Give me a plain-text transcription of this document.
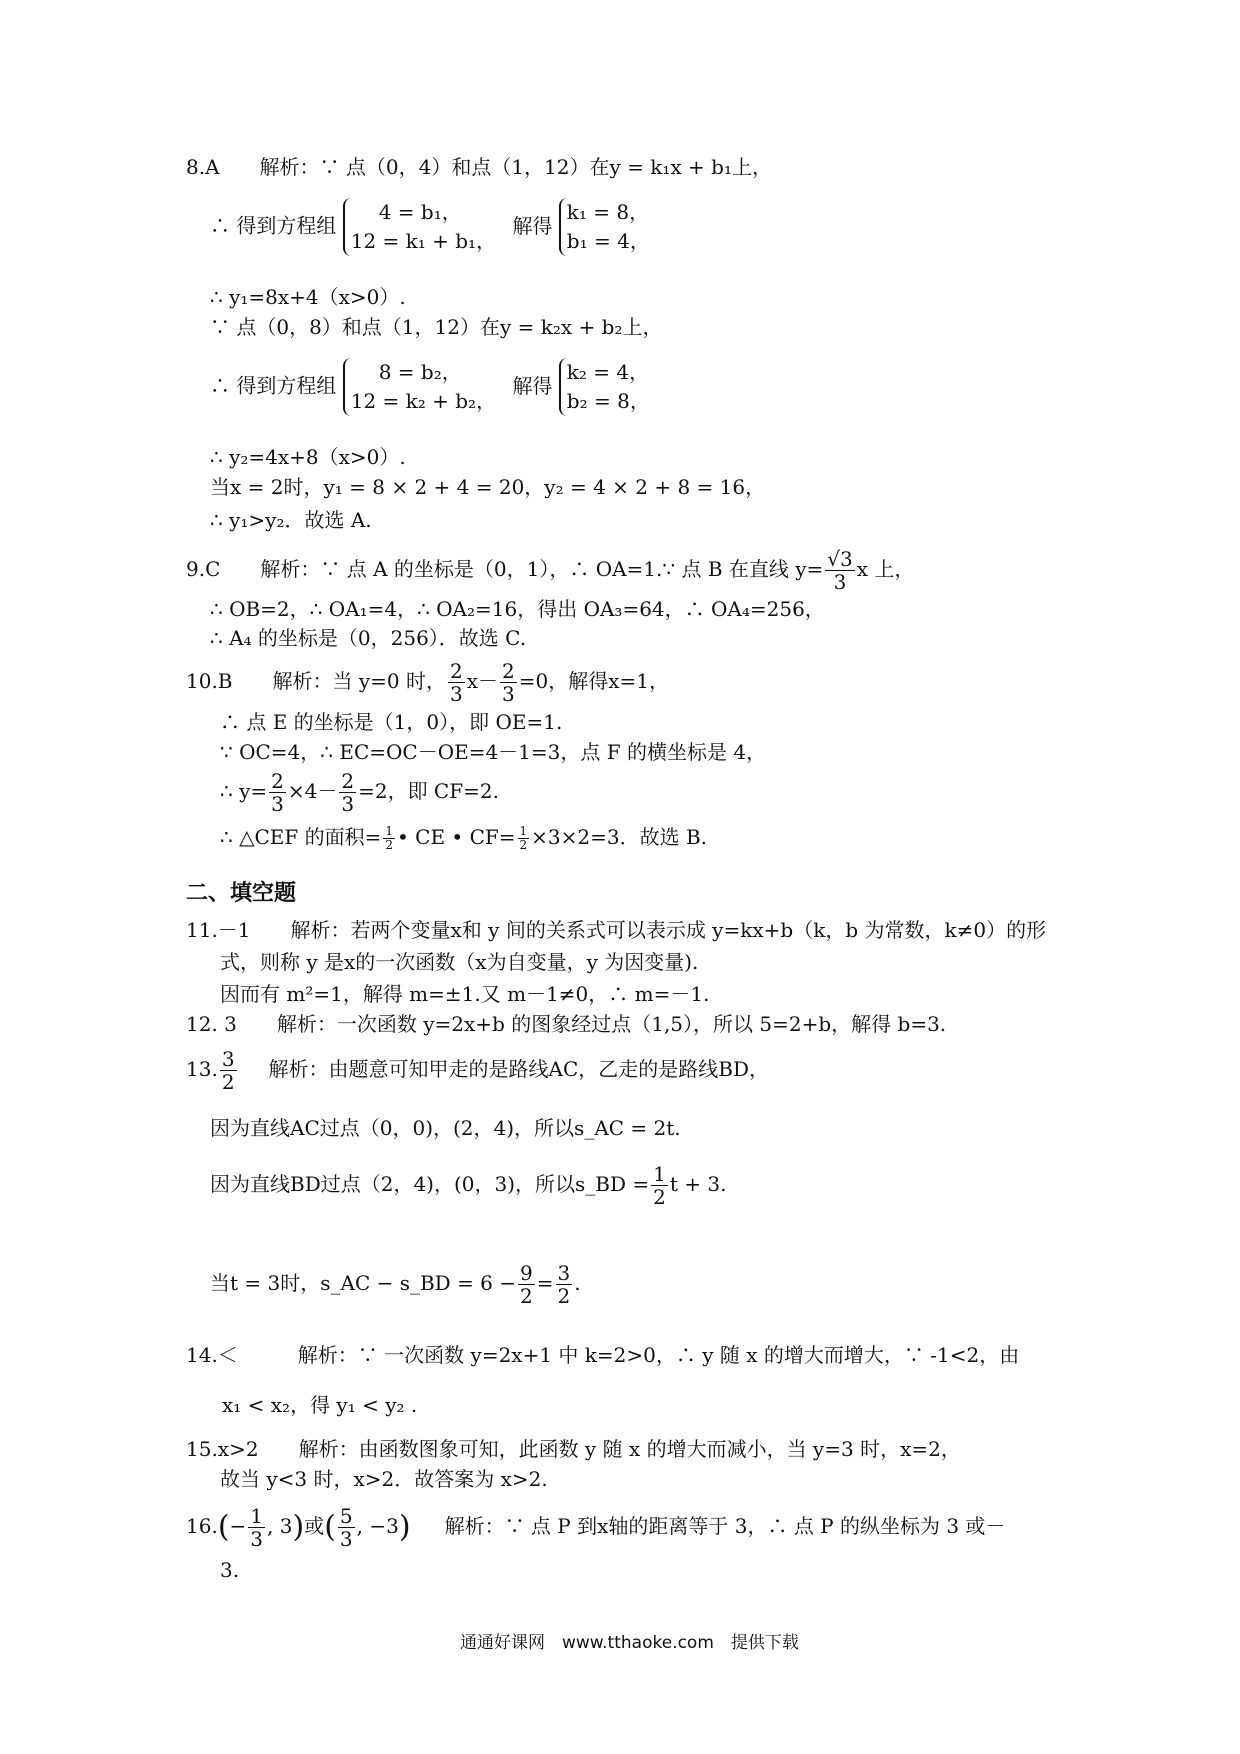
8.A　　解析：∵ 点（0，4）和点（1，12）在y = k₁x + b₁上，
∴ 得到方程组
4 = b₁，
12 = k₁ + b₁，
解得
k₁ = 8，
b₁ = 4，
∴ y₁=8x+4（x>0）.
∵ 点（0，8）和点（1，12）在y = k₂x + b₂上，
∴ 得到方程组
8 = b₂，
12 = k₂ + b₂，
解得
k₂ = 4，
b₂ = 8，
∴ y₂=4x+8（x>0）.
当x = 2时，y₁ = 8 × 2 + 4 = 20，y₂ = 4 × 2 + 8 = 16，
∴ y₁>y₂．故选 A.
9.C　　解析：∵ 点 A 的坐标是（0，1），∴ OA=1.∵ 点 B 在直线 $y= \frac{√3}{3}$ x 上，
∴ OB=2，∴ OA₁=4，∴ OA₂=16，得出 OA₃=64，∴ OA₄=256，
∴ A₄ 的坐标是（0，256）．故选 C.
10.B　　解析：当 y=0 时， $\frac{2}{3} x- \frac{2}{3} =0$，解得x=1，
∴ 点 E 的坐标是（1，0），即 OE=1.
∵ OC=4，∴ EC=OC－OE=4－1=3，点 F 的横坐标是 4，
∴ $y= \frac{2}{3} \times 4- \frac{2}{3} =2$，即 CF=2.
∴ △CEF 的面积= $\frac{1}{2}$ • CE • $CF= \frac{1}{2} \times 3\times 2=3$．故选 B.
二、填空题
11.－1　　解析：若两个变量x和 y 间的关系式可以表示成 y=kx+b（k，b 为常数，k≠0）的形
式，则称 y 是x的一次函数（x为自变量，y 为因变量).
因而有 m²=1，解得 m=±1.又 m－1≠0，∴ m=－1.
12. 3　　解析：一次函数 y=2x+b 的图象经过点（1,5），所以 5=2+b，解得 b=3.
13. $\frac{3}{2}$ 解析：由题意可知甲走的是路线AC，乙走的是路线BD，
因为直线AC过点（0，0)，(2，4)，所以s_AC = 2t.
因为直线BD过点（2，4)，(0，3)，所以s_BD = $\frac{1}{2}$ t + 3.
当t = 3时，s_AC − s_BD = $6 - \frac{9}{2} = \frac{3}{2}$ .
14.＜　　　解析：∵ 一次函数 y=2x+1 中 k=2>0，∴ y 随 x 的增大而增大，∵ -1<2，由
x₁ < x₂，得 y₁ < y₂ .
15.x>2　　解析：由函数图象可知，此函数 y 随 x 的增大而减小，当 y=3 时，x=2，
故当 y<3 时，x>2．故答案为 x>2.
$16.(- \frac{1}{3}$ , 3)或( $\frac{5}{3}$ , −3) 解析：∵ 点 P 到x轴的距离等于 3，∴ 点 P 的纵坐标为 3 或－
3.
通通好课网　www.tthaoke.com　提供下载
